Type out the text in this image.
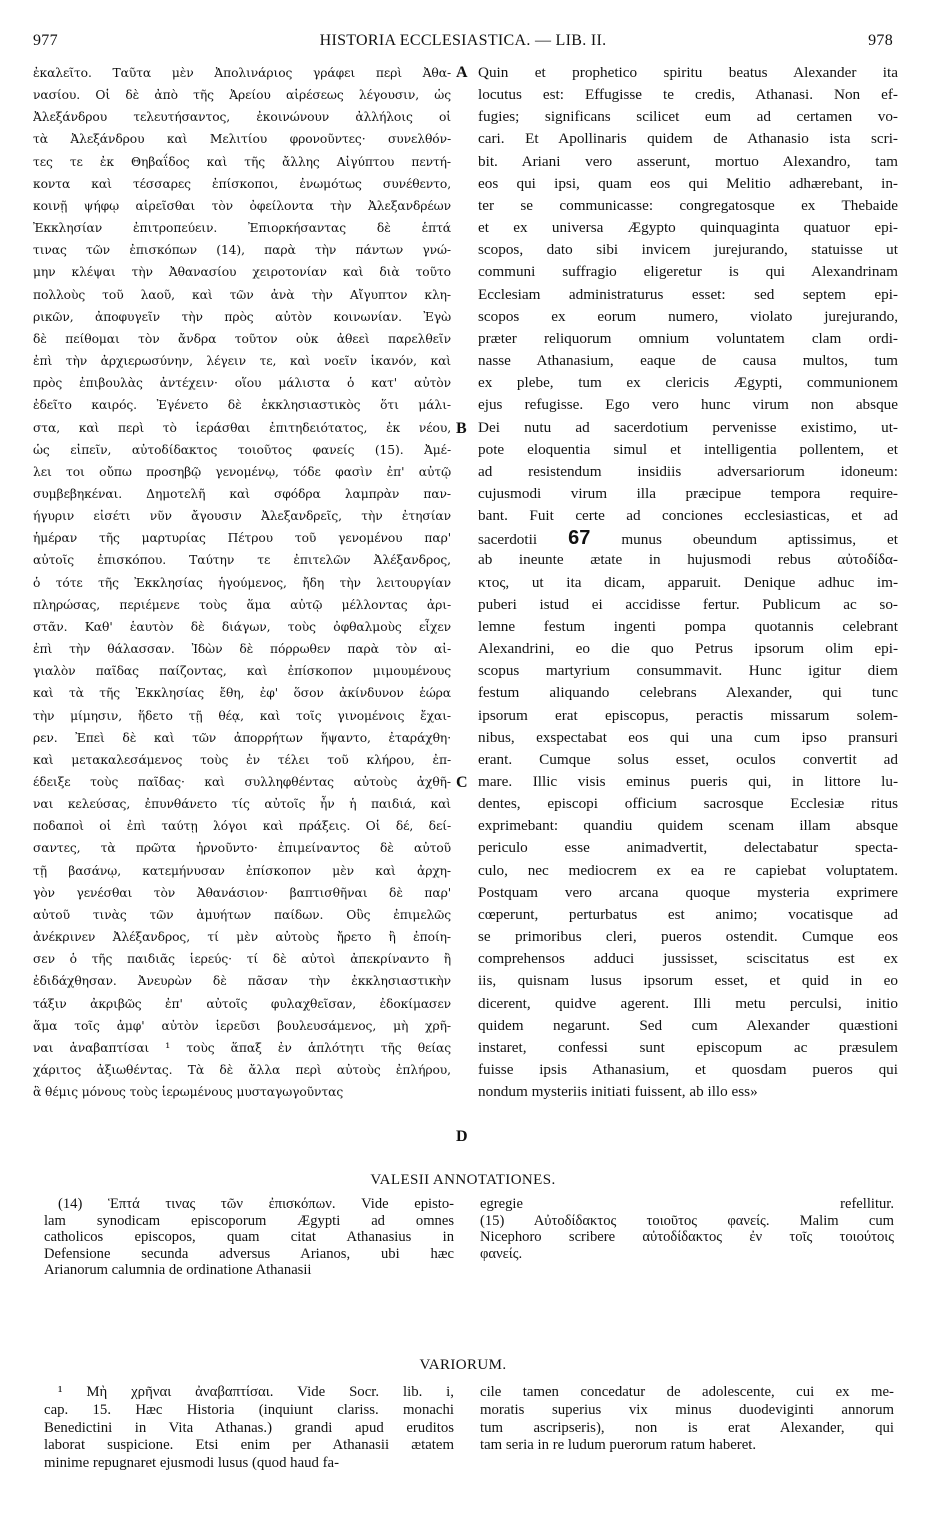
977	HISTORIA ECCLESIASTICA. — LIB. II.	978
ἐκαλεῖτο. Ταῦτα μὲν Ἀπολινάριος γράφει περὶ Ἀθα-
νασίου. Οἱ δὲ ἀπὸ τῆς Ἀρείου αἱρέσεως λέγουσιν, ὡς
Ἀλεξάνδρου τελευτήσαντος, ἐκοινώνουν ἀλλήλοις οἱ
τὰ Ἀλεξάνδρου καὶ Μελιτίου φρονοῦντες· συνελθόν-
τες τε ἐκ Θηβαΐδος καὶ τῆς ἄλλης Αἰγύπτου πεντή-
κοντα καὶ τέσσαρες ἐπίσκοποι, ἐνωμότως συνέθεντο,
κοινῇ ψήφῳ αἱρεῖσθαι τὸν ὀφείλοντα τὴν Ἀλεξανδρέων
Ἐκκλησίαν ἐπιτροπεύειν. Ἐπιορκήσαντας δὲ ἑπτά
τινας τῶν ἐπισκόπων (14), παρὰ τὴν πάντων γνώ-
μην κλέψαι τὴν Ἀθανασίου χειροτονίαν καὶ διὰ τοῦτο
πολλοὺς τοῦ λαοῦ, καὶ τῶν ἀνὰ τὴν Αἴγυπτον κλη-
ρικῶν, ἀποφυγεῖν τὴν πρὸς αὐτὸν κοινωνίαν. Ἐγὼ
δὲ πείθομαι τὸν ἄνδρα τοῦτον οὐκ ἀθεεὶ παρελθεῖν
ἐπὶ τὴν ἀρχιερωσύνην, λέγειν τε, καὶ νοεῖν ἱκανόν, καὶ
πρὸς ἐπιβουλὰς ἀντέχειν· οἵου μάλιστα ὁ κατ' αὐτὸν
ἐδεῖτο καιρός. Ἐγένετο δὲ ἐκκλησιαστικὸς ὅτι μάλι-
στα, καὶ περὶ τὸ ἱεράσθαι ἐπιτηδειότατος, ἐκ νέου,
ὡς εἰπεῖν, αὐτοδίδακτος τοιοῦτος φανείς (15). Ἀμέ-
λει τοι οὔπω προσηβῷ γενομένῳ, τόδε φασὶν ἐπ' αὐτῷ
συμβεβηκέναι. Δημοτελῆ καὶ σφόδρα λαμπρὰν παν-
ήγυριν εἰσέτι νῦν ἄγουσιν Ἀλεξανδρεῖς, τὴν ἐτησίαν
ἡμέραν τῆς μαρτυρίας Πέτρου τοῦ γενομένου παρ'
αὐτοῖς ἐπισκόπου. Ταύτην τε ἐπιτελῶν Ἀλέξανδρος,
ὁ τότε τῆς Ἐκκλησίας ἡγούμενος, ἤδη τὴν λειτουργίαν
πληρώσας, περιέμενε τοὺς ἅμα αὐτῷ μέλλοντας ἀρι-
στᾶν. Καθ' ἑαυτὸν δὲ διάγων, τοὺς ὀφθαλμοὺς εἶχεν
ἐπὶ τὴν θάλασσαν. Ἰδὼν δὲ πόρρωθεν παρὰ τὸν αἰ-
γιαλὸν παῖδας παίζοντας, καὶ ἐπίσκοπον μιμουμένους
καὶ τὰ τῆς Ἐκκλησίας ἔθη, ἐφ' ὅσον ἀκίνδυνον ἑώρα
τὴν μίμησιν, ἥδετο τῇ θέᾳ, καὶ τοῖς γινομένοις ἔχαι-
ρεν. Ἐπεὶ δὲ καὶ τῶν ἀπορρήτων ἥψαντο, ἐταράχθη·
καὶ μετακαλεσάμενος τοὺς ἐν τέλει τοῦ κλήρου, ἐπ-
έδειξε τοὺς παῖδας· καὶ συλληφθέντας αὐτοὺς ἀχθῆ-
ναι κελεύσας, ἐπυνθάνετο τίς αὐτοῖς ἦν ἡ παιδιά, καὶ
ποδαποὶ οἱ ἐπὶ ταύτῃ λόγοι καὶ πράξεις. Οἱ δέ, δεί-
σαντες, τὰ πρῶτα ἠρνοῦντο· ἐπιμείναντος δὲ αὐτοῦ
τῇ βασάνῳ, κατεμήνυσαν ἐπίσκοπον μὲν καὶ ἀρχη-
γὸν γενέσθαι τὸν Ἀθανάσιον· βαπτισθῆναι δὲ παρ'
αὐτοῦ τινὰς τῶν ἀμυήτων παίδων. Οὓς ἐπιμελῶς
ἀνέκρινεν Ἀλέξανδρος, τί μὲν αὐτοὺς ἤρετο ἢ ἐποίη-
σεν ὁ τῆς παιδιᾶς ἱερεύς· τί δὲ αὐτοὶ ἀπεκρίναντο ἢ
ἐδιδάχθησαν. Ἀνευρὼν δὲ πᾶσαν τὴν ἐκκλησιαστικὴν
τάξιν ἀκριβῶς ἐπ' αὐτοῖς φυλαχθεῖσαν, ἐδοκίμασεν
ἅμα τοῖς ἀμφ' αὐτὸν ἱερεῦσι βουλευσάμενος, μὴ χρῆ-
ναι ἀναβαπτίσαι ¹ τοὺς ἅπαξ ἐν ἁπλότητι τῆς θείας
χάριτος ἀξιωθέντας. Τὰ δὲ ἄλλα περὶ αὐτοὺς ἐπλήρου,
ἃ θέμις μόνους τοὺς ἱερωμένους μυσταγωγοῦντας
Quin et prophetico spiritu beatus Alexander ita
locutus est: Effugisse te credis, Athanasi. Non ef-
fugies; significans scilicet eum ad certamen vo-
cari. Et Apollinaris quidem de Athanasio ista scri-
bit. Ariani vero asserunt, mortuo Alexandro, tam
eos qui ipsi, quam eos qui Melitio adhærebant, in-
ter se communicasse: congregatosque ex Thebaide
et ex universa Ægypto quinquaginta quatuor epi-
scopos, dato sibi invicem jurejurando, statuisse ut
communi suffragio eligeretur is qui Alexandrinam
Ecclesiam administraturus esset: sed septem epi-
scopos ex eorum numero, violato jurejurando,
præter reliquorum omnium voluntatem clam ordi-
nasse Athanasium, eaque de causa multos, tum
ex plebe, tum ex clericis Ægypti, communionem
ejus refugisse. Ego vero hunc virum non absque
Dei nutu ad sacerdotium pervenisse existimo, ut-
pote eloquentia simul et intelligentia pollentem, et
ad resistendum insidiis adversariorum idoneum:
cujusmodi virum illa præcipue tempora require-
bant. Fuit certe ad conciones ecclesiasticas, et ad
sacerdotii 67 munus obeundum aptissimus, et
ab ineunte ætate in hujusmodi rebus αὐτοδίδα-
κτος, ut ita dicam, apparuit. Denique adhuc im-
puberi istud ei accidisse fertur. Publicum ac so-
lemne festum ingenti pompa quotannis celebrant
Alexandrini, eo die quo Petrus ipsorum olim epi-
scopus martyrium consummavit. Hunc igitur diem
festum aliquando celebrans Alexander, qui tunc
ipsorum erat episcopus, peractis missarum solem-
nibus, exspectabat eos qui una cum ipso pransuri
erant. Cumque solus esset, oculos convertit ad
mare. Illic visis eminus pueris qui, in littore lu-
dentes, episcopi officium sacrosque Ecclesiæ ritus
exprimebant: quandiu quidem scenam illam absque
periculo esse animadvertit, delectabatur specta-
culo, nec mediocrem ex ea re capiebat voluptatem.
Postquam vero arcana quoque mysteria exprimere
cœperunt, perturbatus est animo; vocatisque ad
se primoribus cleri, pueros ostendit. Cumque eos
comprehensos adduci jussisset, sciscitatus est ex
iis, quisnam lusus ipsorum esset, et quid in eo
dicerent, quidve agerent. Illi metu perculsi, initio
quidem negarunt. Sed cum Alexander quæstioni
instaret, confessi sunt episcopum ac præsulem
fuisse ipsis Athanasium, et quosdam pueros qui
nondum mysteriis initiati fuissent, ab illo ess»
A
B
C
D
VALESII ANNOTATIONES.
(14) Ἑπτά τινας τῶν ἐπισκόπων. Vide episto-
lam synodicam episcoporum Ægypti ad omnes
catholicos episcopos, quam citat Athanasius in
Defensione secunda adversus Arianos, ubi hæc
Arianorum calumnia de ordinatione Athanasii
egregie refellitur.
(15) Αὐτοδίδακτος τοιοῦτος φανείς. Malim cum
Nicephoro scribere αὐτοδίδακτος ἐν τοῖς τοιούτοις
φανείς.
VARIORUM.
¹ Μὴ χρῆναι ἀναβαπτίσαι. Vide Socr. lib. i,
cap. 15. Hæc Historia (inquiunt clariss. monachi
Benedictini in Vita Athanas.) grandi apud eruditos
laborat suspicione. Etsi enim per Athanasii ætatem
minime repugnaret ejusmodi lusus (quod haud fa-
cile tamen concedatur de adolescente, cui ex me-
moratis superius vix minus duodeviginti annorum
tum ascripseris), non is erat Alexander, qui
tam seria in re ludum puerorum ratum haberet.
